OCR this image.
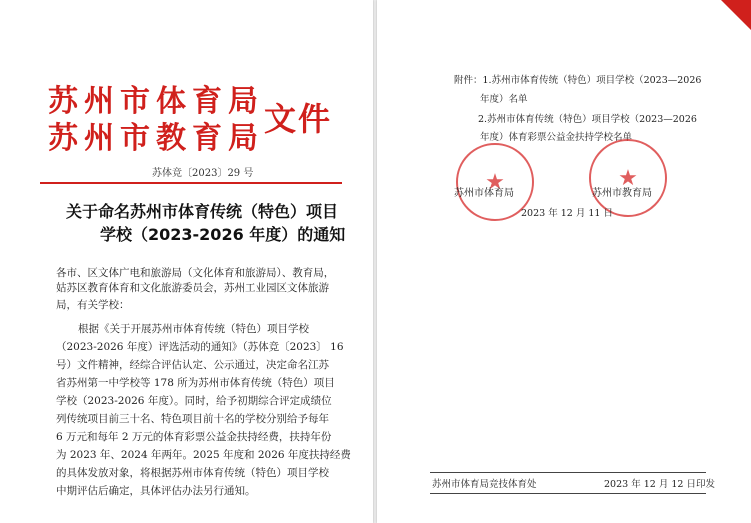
苏州市体育局
苏州市教育局
文件
苏体竞〔2023〕29 号
关于命名苏州市体育传统（特色）项目
学校（2023-2026 年度）的通知
各市、区文体广电和旅游局（文化体育和旅游局）、教育局，
姑苏区教育体育和文化旅游委员会，苏州工业园区文体旅游局，有关学校：
根据《关于开展苏州市体育传统（特色）项目学校
（2023-2026 年度）评选活动的通知》（苏体竞〔2023〕 16
号）文件精神，经综合评估认定、公示通过，决定命名江苏
省苏州第一中学校等 178 所为苏州市体育传统（特色）项目
学校（2023-2026 年度）。同时，给予初期综合评定成绩位
列传统项目前三十名、特色项目前十名的学校分别给予每年
6 万元和每年 2 万元的体育彩票公益金扶持经费，扶持年份
为 2023 年、2024 年两年。2025 年度和 2026 年度扶持经费
的具体发放对象，将根据苏州市体育传统（特色）项目学校
中期评估后确定，具体评估办法另行通知。
附件：1.苏州市体育传统（特色）项目学校（2023—2026
年度）名单
2.苏州市体育传统（特色）项目学校（2023—2026
年度）体育彩票公益金扶持学校名单
★
苏州市体育局
★
苏州市教育局
2023 年 12 月 11 日
苏州市体育局竞技体育处	2023 年 12 月 12 日印发
